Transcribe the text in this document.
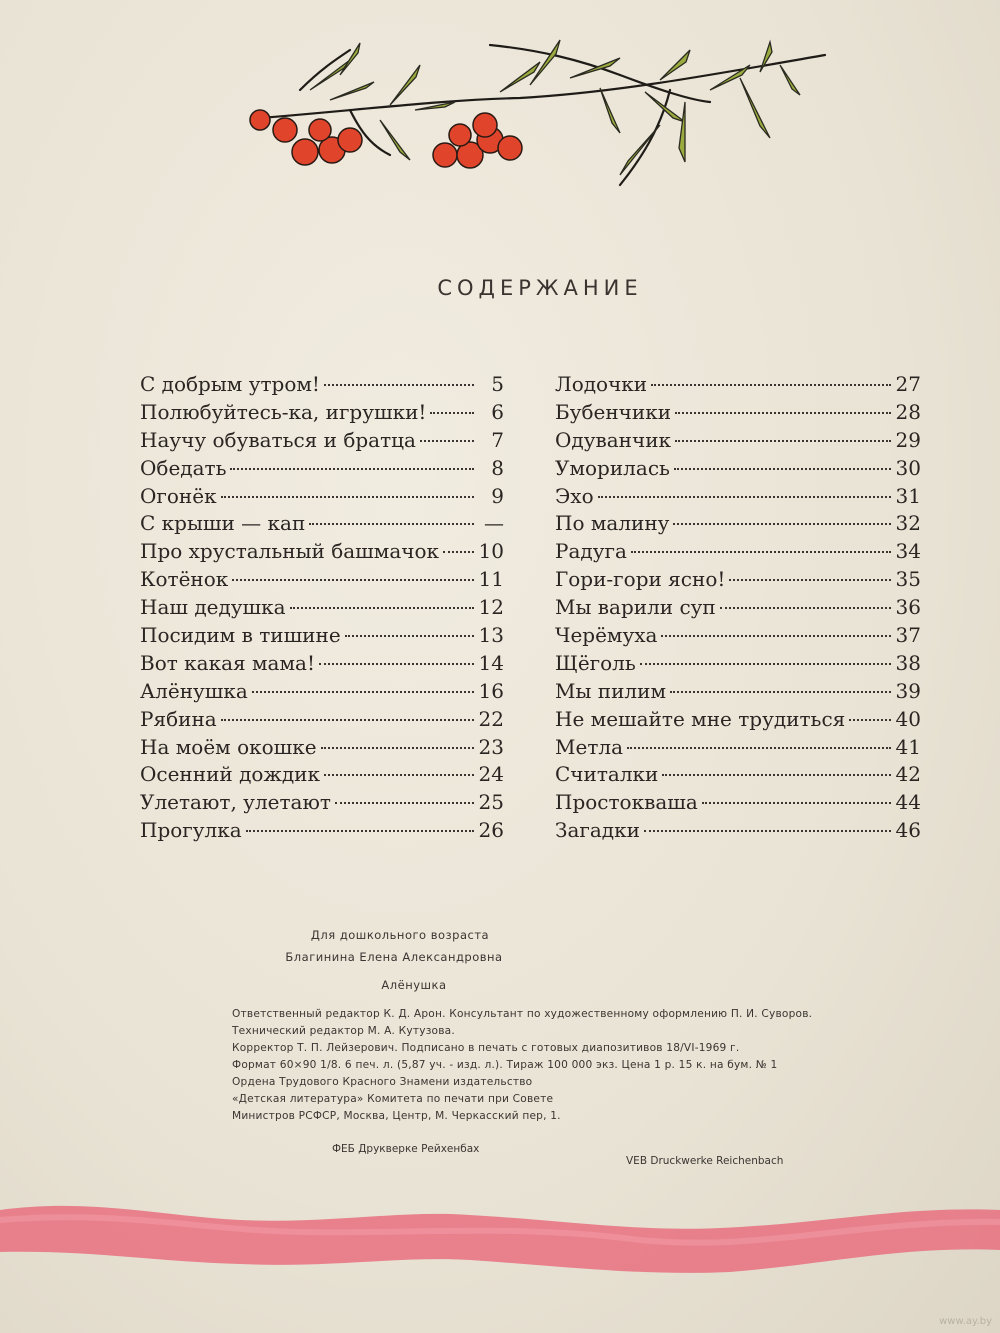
СОДЕРЖАНИЕ
С добрым утром!	5
Полюбуйтесь-ка, игрушки!	6
Научу обуваться и братца	7
Обедать	8
Огонёк	9
С крыши — кап	—
Про хрустальный башмачок 10
Котёнок	11
Наш дедушка	12
Посидим в тишине	13
Вот какая мама!	14
Алёнушка	16
Рябина	22
На моём окошке	23
Осенний дождик	24
Улетают, улетают	25
Прогулка	26
Лодочки	27
Бубенчики	28
Одуванчик	29
Уморилась	30
Эхо	31
По малину	32
Радуга	34
Гори-гори ясно!	35
Мы варили суп	36
Черёмуха	37
Щёголь	38
Мы пилим	39
Не мешайте мне трудиться	40
Метла	41
Считалки	42
Простокваша	44
Загадки	46
Для дошкольного возраста
Благинина Елена Александровна
Алёнушка
Ответственный редактор К. Д. Арон. Консультант по художественному оформлению П. И. Суворов.
Технический редактор М. А. Кутузова.
Корректор Т. П. Лейзерович. Подписано в печать с готовых диапозитивов 18/VI-1969 г.
Формат 60×90 1/8. 6 печ. л. (5,87 уч. - изд. л.). Тираж 100 000 экз. Цена 1 р. 15 к. на бум. № 1
Ордена Трудового Красного Знамени издательство
«Детская литература» Комитета по печати при Совете
Министров РСФСР, Москва, Центр, М. Черкасский пер, 1.
ФЕБ Друкверке Рейхенбах
VEB Druckwerke Reichenbach
www.ay.by
